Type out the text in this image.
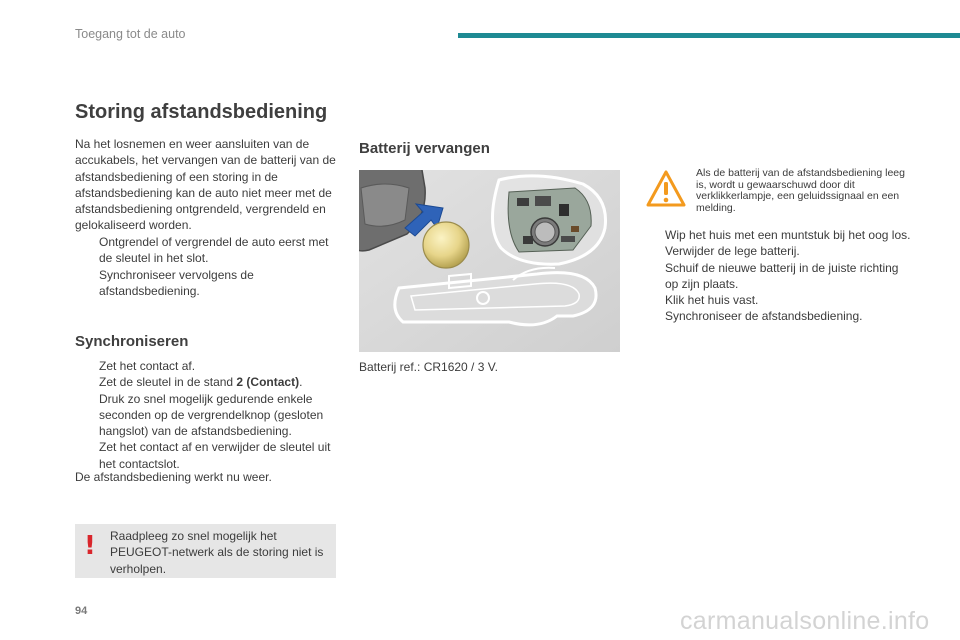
Toegang tot de auto
Storing afstandsbediening

Na het losnemen en weer aansluiten van de accukabels, het vervangen van de batterij van de afstandsbediening of een storing in de afstandsbediening kan de auto niet meer met de afstandsbediening ontgrendeld, vergrendeld en gelokaliseerd worden.

Ontgrendel of vergrendel de auto eerst met de sleutel in het slot.
Synchroniseer vervolgens de afstandsbediening.
Synchroniseren
Zet het contact af.
Zet de sleutel in de stand 2 (Contact).
Druk zo snel mogelijk gedurende enkele seconden op de vergrendelknop (gesloten hangslot) van de afstandsbediening.
Zet het contact af en verwijder de sleutel uit het contactslot.
De afstandsbediening werkt nu weer.
! Raadpleeg zo snel mogelijk het PEUGEOT-netwerk als de storing niet is verholpen.
Batterij vervangen
Batterij ref.: CR1620 / 3 V.
Als de batterij van de afstandsbediening leeg is, wordt u gewaarschuwd door dit verklikkerlampje, een geluidssignaal en een melding.
Wip het huis met een muntstuk bij het oog los.
Verwijder de lege batterij.
Schuif de nieuwe batterij in de juiste richting op zijn plaats.
Klik het huis vast.
Synchroniseer de afstandsbediening.
94	carmanualsonline.info
